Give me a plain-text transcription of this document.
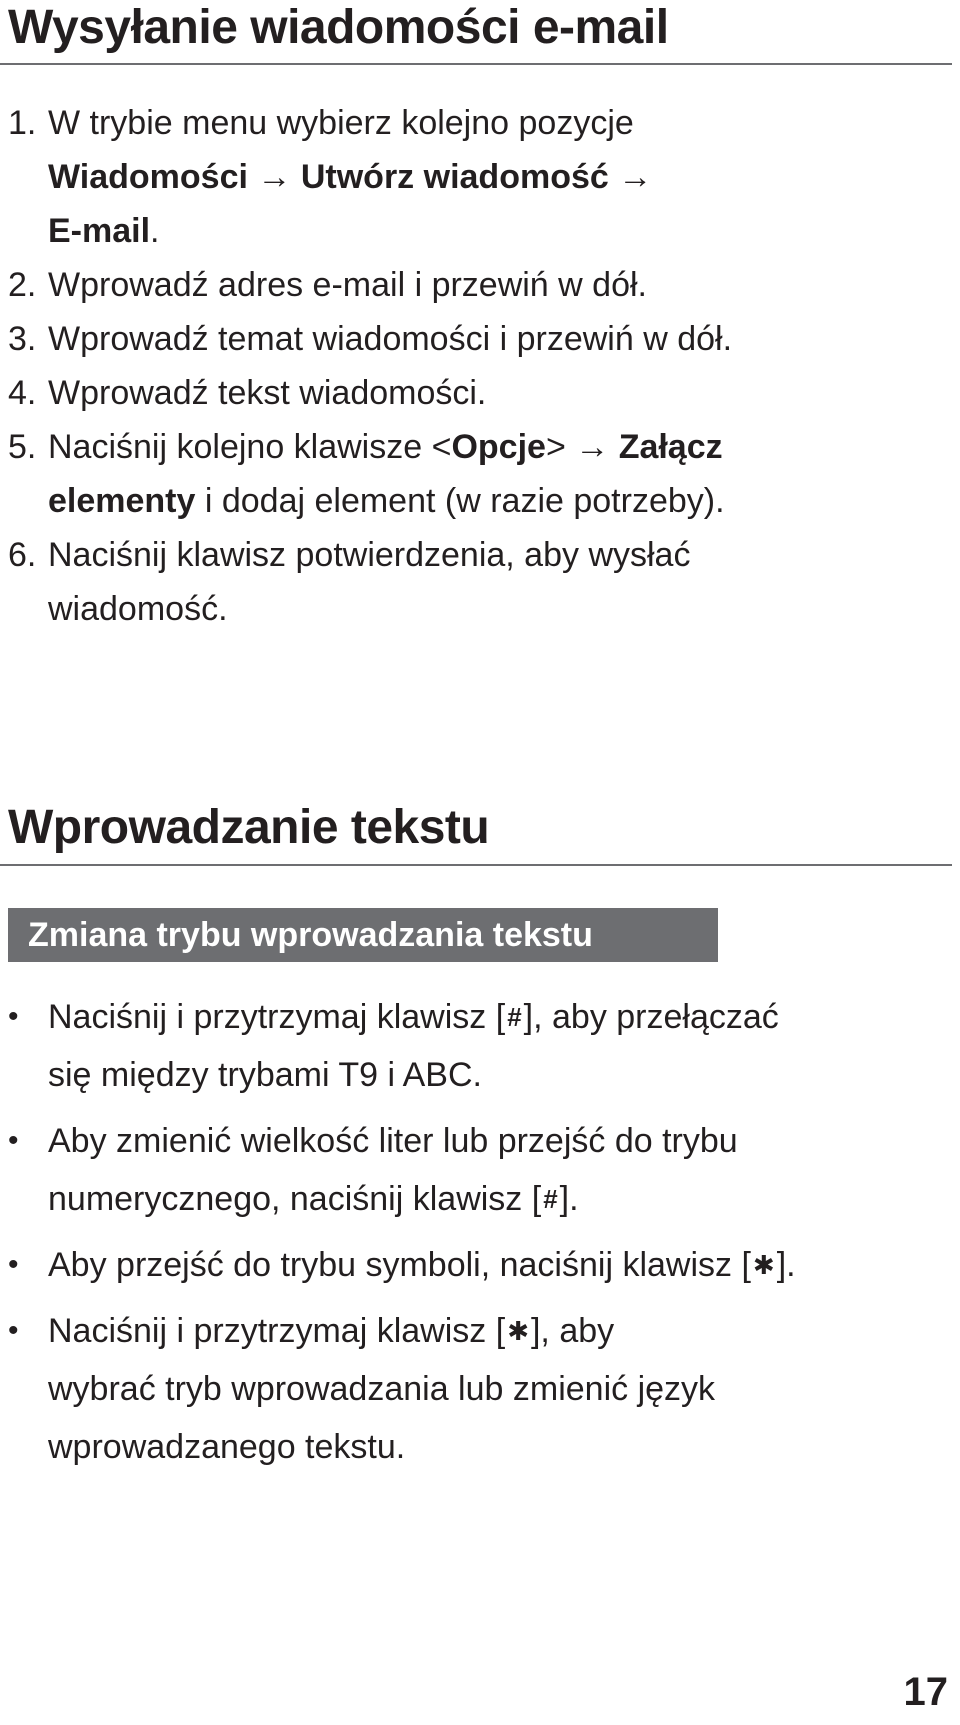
Wysyłanie wiadomości e-mail
1. W trybie menu wybierz kolejno pozycje
Wiadomości → Utwórz wiadomość →
E-mail.
2. Wprowadź adres e-mail i przewiń w dół.
3. Wprowadź temat wiadomości i przewiń w dół.
4. Wprowadź tekst wiadomości.
5. Naciśnij kolejno klawisze <Opcje> → Załącz
elementy i dodaj element (w razie potrzeby).
6. Naciśnij klawisz potwierdzenia, aby wysłać
wiadomość.
Wprowadzanie tekstu
Zmiana trybu wprowadzania tekstu
• Naciśnij i przytrzymaj klawisz [#], aby przełączać
się między trybami T9 i ABC.
• Aby zmienić wielkość liter lub przejść do trybu
numerycznego, naciśnij klawisz [#].
• Aby przejść do trybu symboli, naciśnij klawisz [✱].
• Naciśnij i przytrzymaj klawisz [✱], aby
wybrać tryb wprowadzania lub zmienić język
wprowadzanego tekstu.
17
